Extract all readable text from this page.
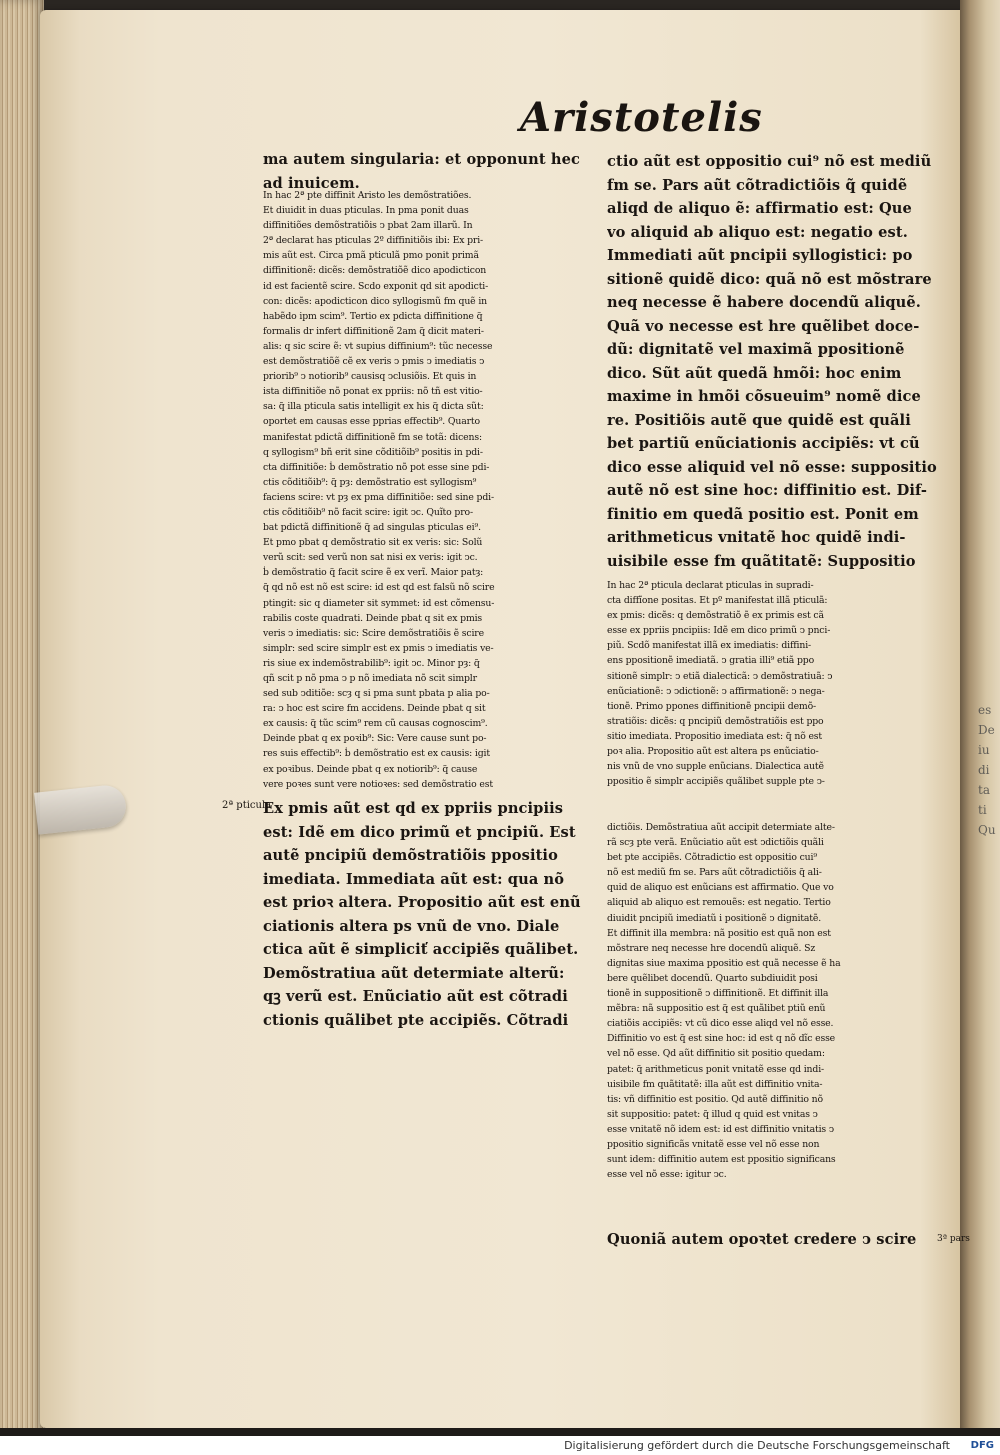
es
De
iu
di
ta
ti
Qu
Aristotelis
2ª pticula
3ª pars
ma autem singularia: et opponunt hec
ad inuicem.
In hac 2ª pte diffinit Aristo les demõstratiões.
Et diuidit in duas pticulas. In pma ponit duas
diffinitiões demõstratiõis ↄ pbat 2am illarũ. In
2ª declarat has pticulas 2º diffinitiõis ibi: Ex pri-
mis aũt est. Circa pmã pticulã pmo ponit primã
diffinitionẽ: dicẽs: demõstratiõẽ dico apodicticon
id est facientẽ scire. Scdo exponit qd sit apodicti-
con: dicẽs: apodicticon dico syllogismũ fm quẽ in
habẽdo ipm scim⁹. Tertio ex pdicta diffinitione q̃
formalis dr infert diffinitionẽ 2am q̃ dicit materi-
alis: q sic scire ẽ: vt supius diffinium⁹: tũc necesse
est demõstratiõẽ cẽ ex veris ↄ pmis ↄ imediatis ↄ
priorib⁹ ↄ notiorib⁹ causisq ↄclusiõis. Et quis in
ista diffinitiõe nõ ponat ex ppriis: nõ tñ est vitio-
sa: q̃ illa pticula satis intelligit ex his q̃ dicta sũt:
oportet em causas esse pprias effectib⁹. Quarto
manifestat pdictã diffinitionẽ fm se totã: dicens:
q syllogism⁹ bñ erit sine cõditiõib⁹ positis in pdi-
cta diffinitiõe: ḃ demõstratio nõ pot esse sine pdi-
ctis cõditiõib⁹: q̃ pȝ: demõstratio est syllogism⁹
faciens scire: vt pȝ ex pma diffinitiõe: sed sine pdi-
ctis cõditiõib⁹ nõ facit scire: igit ↄc. Quĩto pro-
bat pdictã diffinitionẽ q̃ ad singulas pticulas ei⁹.
Et pmo pbat q demõstratio sit ex veris: sic: Solũ
verũ scit: sed verũ non sat nisi ex veris: igit ↄc.
ḃ demõstratio q̃ facit scire ẽ ex verĩ. Maior patȝ:
q̃ qd nõ est nõ est scire: id est qd est falsũ nõ scire
ptingit: sic q diameter sit symmet: id est cõmensu-
rabilis coste quadrati. Deinde pbat q sit ex pmis
veris ↄ imediatis: sic: Scire demõstratiõis ẽ scire
simplr: sed scire simplr est ex pmis ↄ imediatis ve-
ris siue ex indemõstrabilib⁹: igit ↄc. Minor pȝ: q̃
qñ scit p nõ pma ↄ p nõ imediata nõ scit simplr
sed sub ↄditiõe: scȝ q si pma sunt pbata p alia po-
ra: ↄ hoc est scire fm accidens. Deinde pbat q sit
ex causis: q̃ tũc scim⁹ rem cũ causas cognoscim⁹.
Deinde pbat q ex poꝛib⁹: Sic: Vere cause sunt po-
res suis effectib⁹: ḃ demõstratio est ex causis: igit
ex poꝛibus. Deinde pbat q ex notiorib⁹: q̃ cause
vere poꝛes sunt vere notioꝛes: sed demõstratio est
Ex pmis aũt est qd ex ppriis pncipiis
est: Idẽ em dico primũ et pncipiũ. Est
autẽ pncipiũ demõstratiõis ppositio
imediata. Immediata aũt est: qua nõ
est prioꝛ altera. Propositio aũt est enũ
ciationis altera ps vnũ de vno. Diale
ctica aũt ẽ simpliciť accipiẽs quãlibet.
Demõstratiua aũt determiate alterũ:
qꝫ verũ est. Enũciatio aũt est cõtradi
ctionis quãlibet pte accipiẽs. Cõtradi
ctio aũt est oppositio cui⁹ nõ est mediũ
fm se. Pars aũt cõtradictiõis q̃ quidẽ
aliqd de aliquo ẽ: affirmatio est: Que
vo aliquid ab aliquo est: negatio est.
Immediati aũt pncipii syllogistici: po
sitionẽ quidẽ dico: quã nõ est mõstrare
neq necesse ẽ habere docendũ aliquẽ.
Quã vo necesse est hre quẽlibet doce-
dũ: dignitatẽ vel maximã ppositionẽ
dico. Sũt aũt quedã hmõi: hoc enim
maxime in hmõi cõsueuim⁹ nomẽ dice
re. Positiõis autẽ que quidẽ est quãli
bet partiũ enũciationis accipiẽs: vt cũ
dico esse aliquid vel nõ esse: suppositio
autẽ nõ est sine hoc: diffinitio est. Dif-
finitio em quedã positio est. Ponit em
arithmeticus vnitatẽ hoc quidẽ indi-
uisibile esse fm quãtitatẽ: Suppositio
In hac 2ª pticula declarat pticulas in supradi-
cta diffĩone positas. Et pº manifestat illã pticulã:
ex pmis: dicẽs: q demõstratiõ ẽ ex primis est cã
esse ex ppriis pncipiis: Idẽ em dico primũ ↄ pnci-
piũ. Scdõ manifestat illã ex imediatis: diffini-
ens ppositionẽ imediatã. ↄ gratia illi⁹ etiã ppo
sitionẽ simplr: ↄ etiã dialecticã: ↄ demõstratiuã: ↄ
enũciationẽ: ↄ ↄdictionẽ: ↄ affirmationẽ: ↄ nega-
tionẽ. Primo ppones diffinitionẽ pncipii demõ-
stratiõis: dicẽs: q pncipiũ demõstratiõis est ppo
sitio imediata. Propositio imediata est: q̃ nõ est
poꝛ alia. Propositio aũt est altera ps enũciatio-
nis vnũ de vno supple enũcians. Dialectica autẽ
ppositio ẽ simplr accipiẽs quãlibet supple pte ↄ-
dictiõis. Demõstratiua aũt accipit determiate alte-
rã scȝ pte verã. Enũciatio aũt est ↄdictiõis quãli
bet pte accipiẽs. Cõtradictio est oppositio cui⁹
nõ est mediũ fm se. Pars aũt cõtradictiõis q̃ ali-
quid de aliquo est enũcians est affirmatio. Que vo
aliquid ab aliquo est remouẽs: est negatio. Tertio
diuidit pncipiũ imediatũ i positionẽ ↄ dignitatẽ.
Et diffinit illa membra: nã positio est quã non est
mõstrare neq necesse hre docendũ aliquẽ. Sz
dignitas siue maxima ppositio est quã necesse ẽ ha
bere quẽlibet docendũ. Quarto subdiuidit posi
tionẽ in suppositionẽ ↄ diffinitionẽ. Et diffinit illa
mẽbra: nã suppositio est q̃ est quãlibet ptiũ enũ
ciatiõis accipiẽs: vt cũ dico esse aliqd vel nõ esse.
Diffinitio vo est q̃ est sine hoc: id est q nõ dĩc esse
vel nõ esse. Qd aũt diffinitio sit positio quedam:
patet: q̃ arithmeticus ponit vnitatẽ esse qd indi-
uisibile fm quãtitatẽ: illa aũt est diffinitio vnita-
tis: vñ diffinitio est positio. Qd autẽ diffinitio nõ
sit suppositio: patet: q̃ illud q quid est vnitas ↄ
esse vnitatẽ nõ idem est: id est diffinitio vnitatis ↄ
ppositio significãs vnitatẽ esse vel nõ esse non
sunt idem: diffinitio autem est ppositio significans
esse vel nõ esse: igitur ↄc.
Quoniã autem opoꝛtet credere ↄ scire
Digitalisierung gefördert durch die Deutsche Forschungsgemeinschaft	DFG
